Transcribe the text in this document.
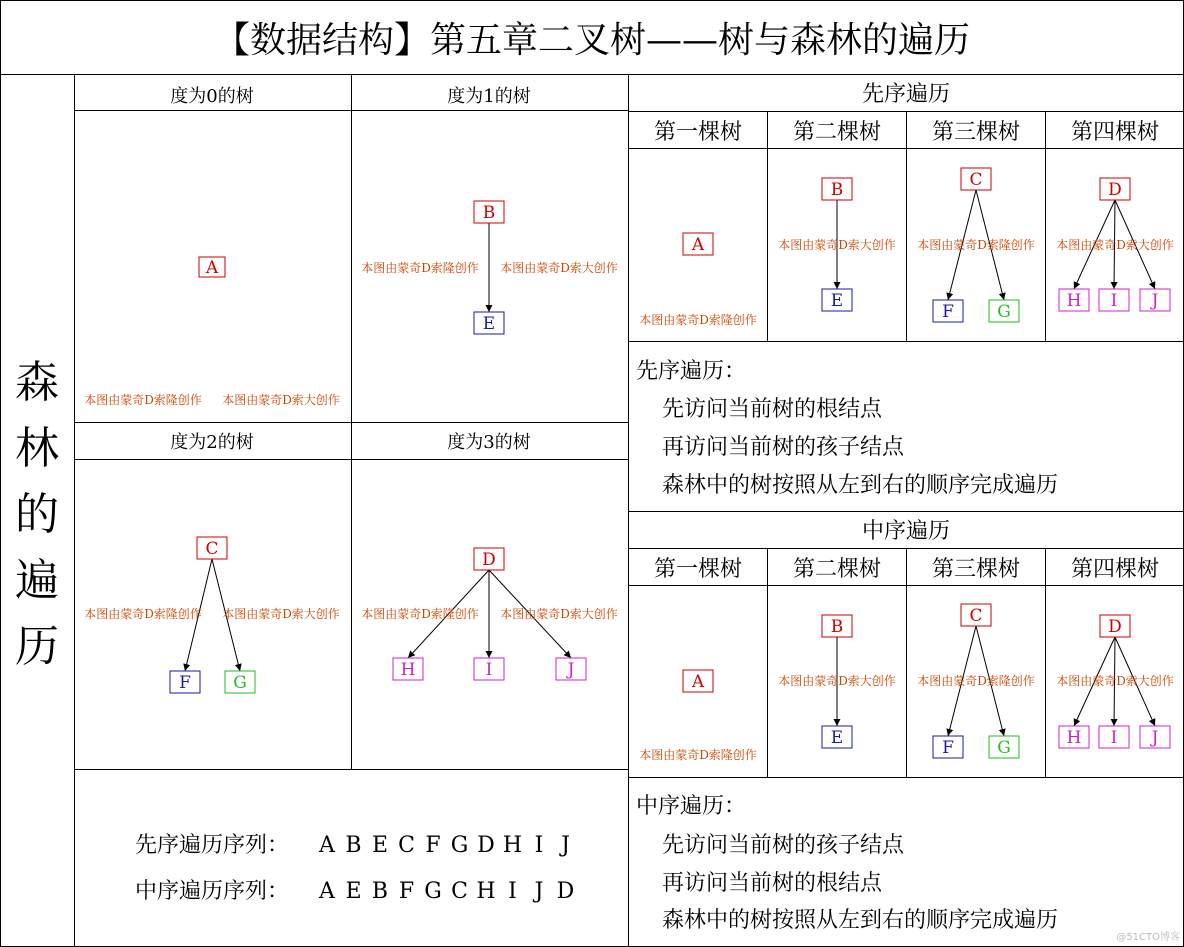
【数据结构】第五章二叉树——树与森林的遍历
森
林
的
遍
历
度为0的树	度为1的树
度为2的树	度为3的树
先序遍历
中序遍历
第一棵树 第二棵树 第三棵树 第四棵树
第一棵树 第二棵树 第三棵树 第四棵树
先序遍历：
先访问当前树的根结点
再访问当前树的孩子结点
森林中的树按照从左到右的顺序完成遍历
中序遍历：
先访问当前树的孩子结点
再访问当前树的根结点
森林中的树按照从左到右的顺序完成遍历
先序遍历序列： A B E C F G D H I J
中序遍历序列： A E B F G C H I J D
A
B
E
C
F G
D
H	I	J
A
B
E
C
F	G
D
H I J
A
B
E
C
F	G
D
H I J
本图由蒙奇D索隆创作 本图由蒙奇D索大创作
本图由蒙奇D索隆创作 本图由蒙奇D索大创作
本图由蒙奇D索隆创作 本图由蒙奇D索大创作 本图由蒙奇D索隆创作 本图由蒙奇D索大创作
本图由蒙奇D索隆创作
本图由蒙奇D索大创作 本图由蒙奇D索隆创作 本图由蒙奇D索大创作
本图由蒙奇D索隆创作
本图由蒙奇D索大创作 本图由蒙奇D索隆创作 本图由蒙奇D索大创作
@51CTO博客
